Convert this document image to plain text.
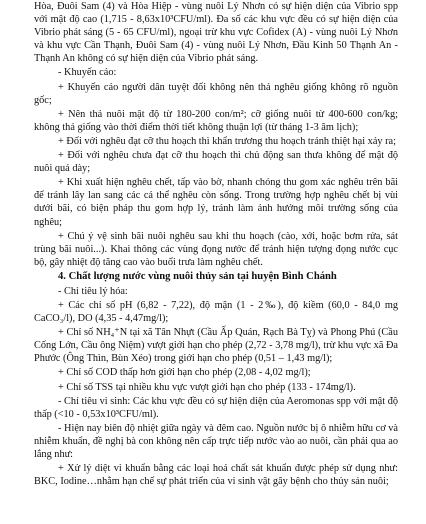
Hòa, Đuôi Sam (4) và Hòa Hiệp - vùng nuôi Lý Nhơn có sự hiện diện của Vibrio spp với mật độ cao (1,715 - 8,63x10³CFU/ml). Đa số các khu vực đều có sự hiện diện của Vibrio phát sáng (5 - 65 CFU/ml), ngoại trừ khu vực Cofidex (A) - vùng nuôi Lý Nhơn và khu vực Cần Thạnh, Đuôi Sam (4) - vùng nuôi Lý Nhơn, Đầu Kinh 50 Thạnh An - Thạnh An không có sự hiện diện của Vibrio phát sáng.

- Khuyến cáo:

+ Khuyến cáo người dân tuyệt đối không nên thả nghêu giống không rõ nguồn gốc;

+ Nên thả nuôi mật độ từ 180-200 con/m²; cỡ giống nuôi từ 400-600 con/kg; không thả giống vào thời điểm thời tiết không thuận lợi (từ tháng 1-3 âm lịch);

+ Đối với nghêu đạt cỡ thu hoạch thì khẩn trương thu hoạch tránh thiệt hại xảy ra;

+ Đối với nghêu chưa đạt cỡ thu hoạch thì chủ động san thưa không để mật độ nuôi quá dày;

+ Khi xuất hiện nghêu chết, tấp vào bờ, nhanh chóng thu gom xác nghêu trên bãi để tránh lây lan sang các cá thể nghêu còn sống. Trong trường hợp nghêu chết bị vùi dưới bãi, có biện pháp thu gom hợp lý, tránh làm ảnh hưởng môi trường sống của nghêu;

+ Chú ý vệ sinh bãi nuôi nghêu sau khi thu hoạch (cào, xới, hoặc bơm rửa, sát trùng bãi nuôi...). Khai thông các vùng đọng nước để tránh hiện tượng đọng nước cục bộ, gây nhiệt độ tăng cao vào buổi trưa làm nghêu chết.

4. Chất lượng nước vùng nuôi thủy sản tại huyện Bình Chánh

- Chỉ tiêu lý hóa:

+ Các chỉ số pH (6,82 - 7,22), độ mặn (1 - 2‰), độ kiềm (60,0 - 84,0 mg CaCO₃/l), DO (4,35 - 4,47mg/l);

+ Chỉ số NH₄⁺N tại xã Tân Nhựt (Cầu Ấp Quán, Rạch Bà Tỵ) và Phong Phú (Cầu Cống Lớn, Cầu ông Niệm) vượt giới hạn cho phép (2,72 - 3,78 mg/l), trừ khu vực xã Đa Phước (Ông Thìn, Bùn Xéo) trong giới hạn cho phép (0,51 – 1,43 mg/l);

+ Chỉ số COD thấp hơn giới hạn cho phép (2,08 - 4,02 mg/l);

+ Chỉ số TSS tại nhiều khu vực vượt giới hạn cho phép (133 - 174mg/l).

- Chỉ tiêu vi sinh: Các khu vực đều có sự hiện diện của Aeromonas spp với mật độ thấp (<10 - 0,53x10³CFU/ml).

- Hiện nay biên độ nhiệt giữa ngày và đêm cao. Nguồn nước bị ô nhiễm hữu cơ và nhiễm khuẩn, đề nghị bà con không nên cấp trực tiếp nước vào ao nuôi, cần phải qua ao lắng như:

+ Xử lý diệt vi khuẩn bằng các loại hoá chất sát khuẩn được phép sử dụng như: BKC, Iodine…nhằm hạn chế sự phát triển của vi sinh vật gây bệnh cho thủy sản nuôi;
